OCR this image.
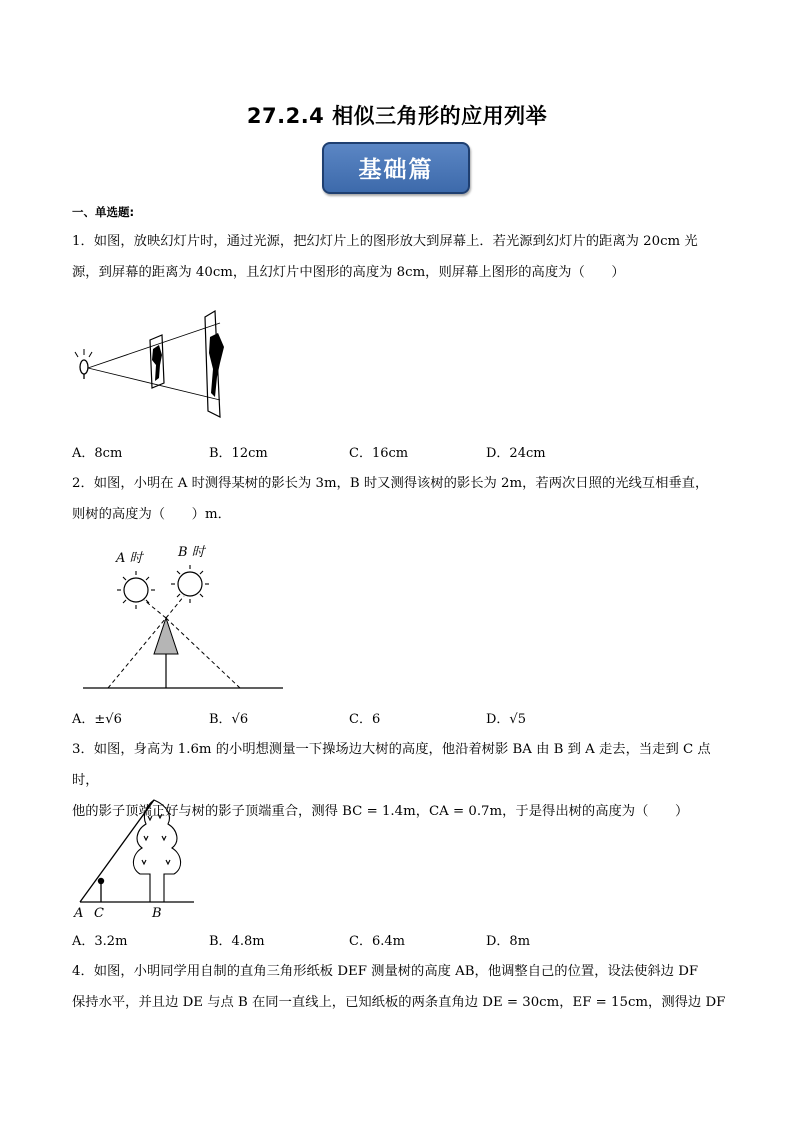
27.2.4 相似三角形的应用列举
基础篇
一、单选题:
1．如图，放映幻灯片时，通过光源，把幻灯片上的图形放大到屏幕上．若光源到幻灯片的距离为 20cm 光
源，到屏幕的距离为 40cm，且幻灯片中图形的高度为 8cm，则屏幕上图形的高度为（　　）
A．8cm	B．12cm	C．16cm	D．24cm
2．如图，小明在 A 时测得某树的影长为 3m，B 时又测得该树的影长为 2m，若两次日照的光线互相垂直，
则树的高度为（　　）m．
A 时	B 时
A．±√6	B．√6	C．6	D．√5
3．如图，身高为 1.6m 的小明想测量一下操场边大树的高度，他沿着树影 BA 由 B 到 A 走去，当走到 C 点时，
他的影子顶端正好与树的影子顶端重合，测得 BC = 1.4m，CA = 0.7m，于是得出树的高度为（　　）
A C	B
A．3.2m	B．4.8m	C．6.4m	D．8m
4．如图，小明同学用自制的直角三角形纸板 DEF 测量树的高度 AB，他调整自己的位置，设法使斜边 DF
保持水平，并且边 DE 与点 B 在同一直线上，已知纸板的两条直角边 DE = 30cm，EF = 15cm，测得边 DF
